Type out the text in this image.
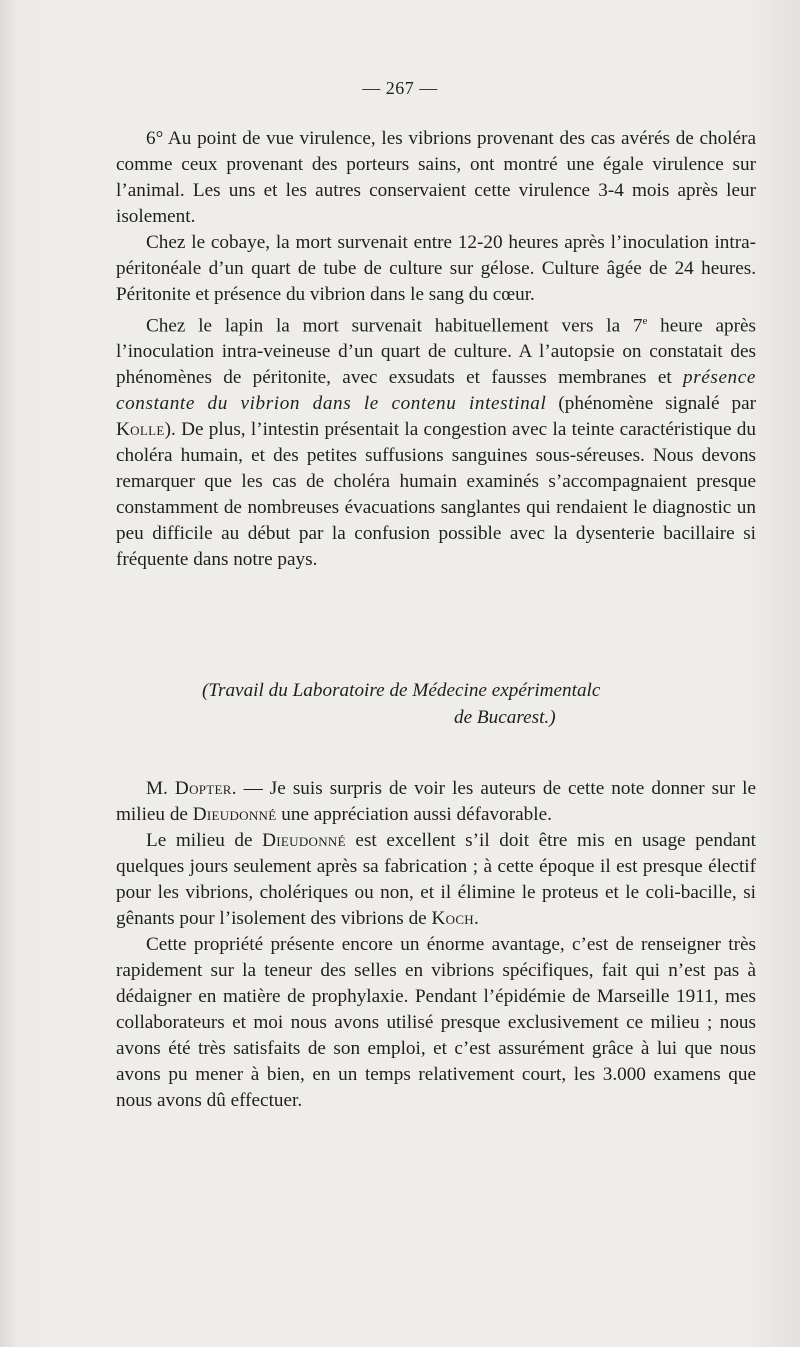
— 267 —

6° Au point de vue virulence, les vibrions provenant des cas avérés de choléra comme ceux provenant des porteurs sains, ont montré une égale virulence sur l’animal. Les uns et les autres conservaient cette virulence 3-4 mois après leur isolement.

Chez le cobaye, la mort survenait entre 12-20 heures après l’inoculation intra-péritonéale d’un quart de tube de culture sur gélose. Culture âgée de 24 heures. Péritonite et présence du vibrion dans le sang du cœur.

Chez le lapin la mort survenait habituellement vers la 7e heure après l’inoculation intra-veineuse d’un quart de culture. A l’autopsie on constatait des phénomènes de péritonite, avec exsudats et fausses membranes et présence constante du vibrion dans le contenu intestinal (phénomène signalé par Kolle). De plus, l’intestin présentait la congestion avec la teinte caractéristique du choléra humain, et des petites suffusions sanguines sous-séreuses. Nous devons remarquer que les cas de choléra humain examinés s’accompagnaient presque constamment de nombreuses évacuations sanglantes qui rendaient le diagnostic un peu difficile au début par la confusion possible avec la dysenterie bacillaire si fréquente dans notre pays.

(Travail du Laboratoire de Médecine expérimentalc
de Bucarest.)

M. Dopter. — Je suis surpris de voir les auteurs de cette note donner sur le milieu de Dieudonné une appréciation aussi défavorable.

Le milieu de Dieudonné est excellent s’il doit être mis en usage pendant quelques jours seulement après sa fabrication ; à cette époque il est presque électif pour les vibrions, cholériques ou non, et il élimine le proteus et le coli-bacille, si gênants pour l’isolement des vibrions de Koch.

Cette propriété présente encore un énorme avantage, c’est de renseigner très rapidement sur la teneur des selles en vibrions spécifiques, fait qui n’est pas à dédaigner en matière de prophylaxie. Pendant l’épidémie de Marseille 1911, mes collaborateurs et moi nous avons utilisé presque exclusivement ce milieu ; nous avons été très satisfaits de son emploi, et c’est assurément grâce à lui que nous avons pu mener à bien, en un temps relativement court, les 3.000 examens que nous avons dû effectuer.
